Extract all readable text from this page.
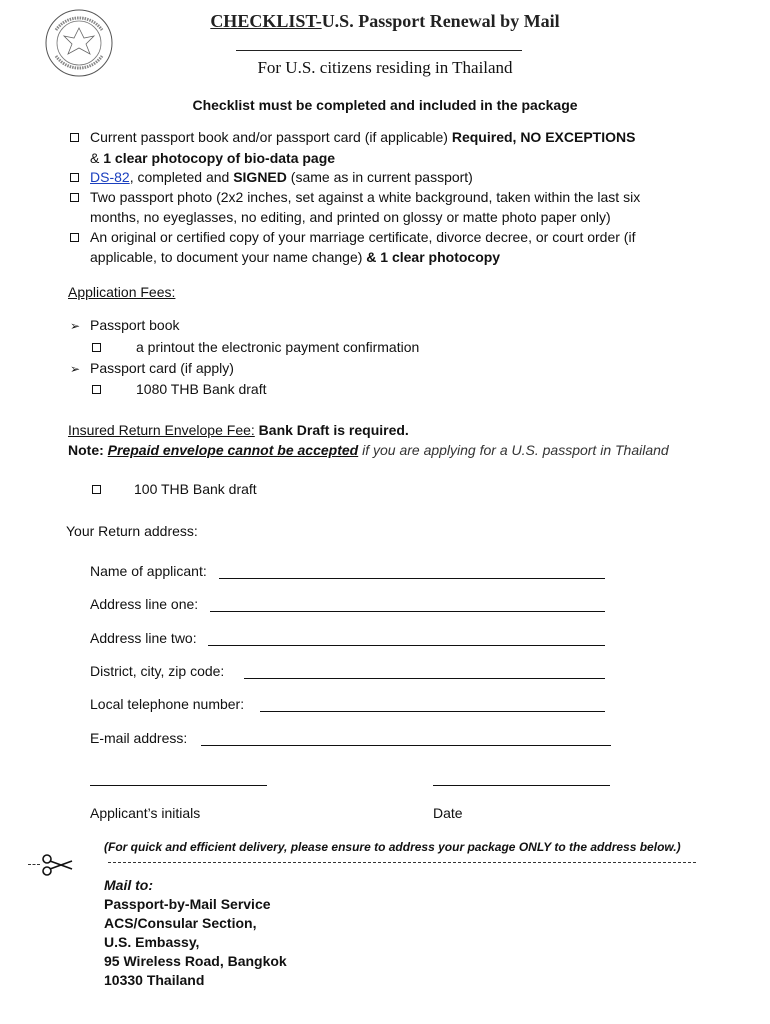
CHECKLIST-U.S. Passport Renewal by Mail
For U.S. citizens residing in Thailand
Checklist must be completed and included in the package
Current passport book and/or passport card (if applicable) Required, NO EXCEPTIONS
& 1 clear photocopy of bio-data page
DS-82, completed and SIGNED (same as in current passport)
Two passport photo (2x2 inches, set against a white background, taken within the last six
months, no eyeglasses, no editing, and printed on glossy or matte photo paper only)
An original or certified copy of your marriage certificate, divorce decree, or court order (if
applicable, to document your name change) & 1 clear photocopy
Application Fees:
➢ Passport book
a printout the electronic payment confirmation
➢ Passport card (if apply)
1080 THB Bank draft
Insured Return Envelope Fee: Bank Draft is required.
Note: Prepaid envelope cannot be accepted if you are applying for a U.S. passport in Thailand
100 THB Bank draft
Your Return address:
Name of applicant:
Address line one:
Address line two:
District, city, zip code:
Local telephone number:
E-mail address:
Applicant’s initials	Date
(For quick and efficient delivery, please ensure to address your package ONLY to the address below.)
Mail to:
Passport-by-Mail Service
ACS/Consular Section,
U.S. Embassy,
95 Wireless Road, Bangkok
10330 Thailand
